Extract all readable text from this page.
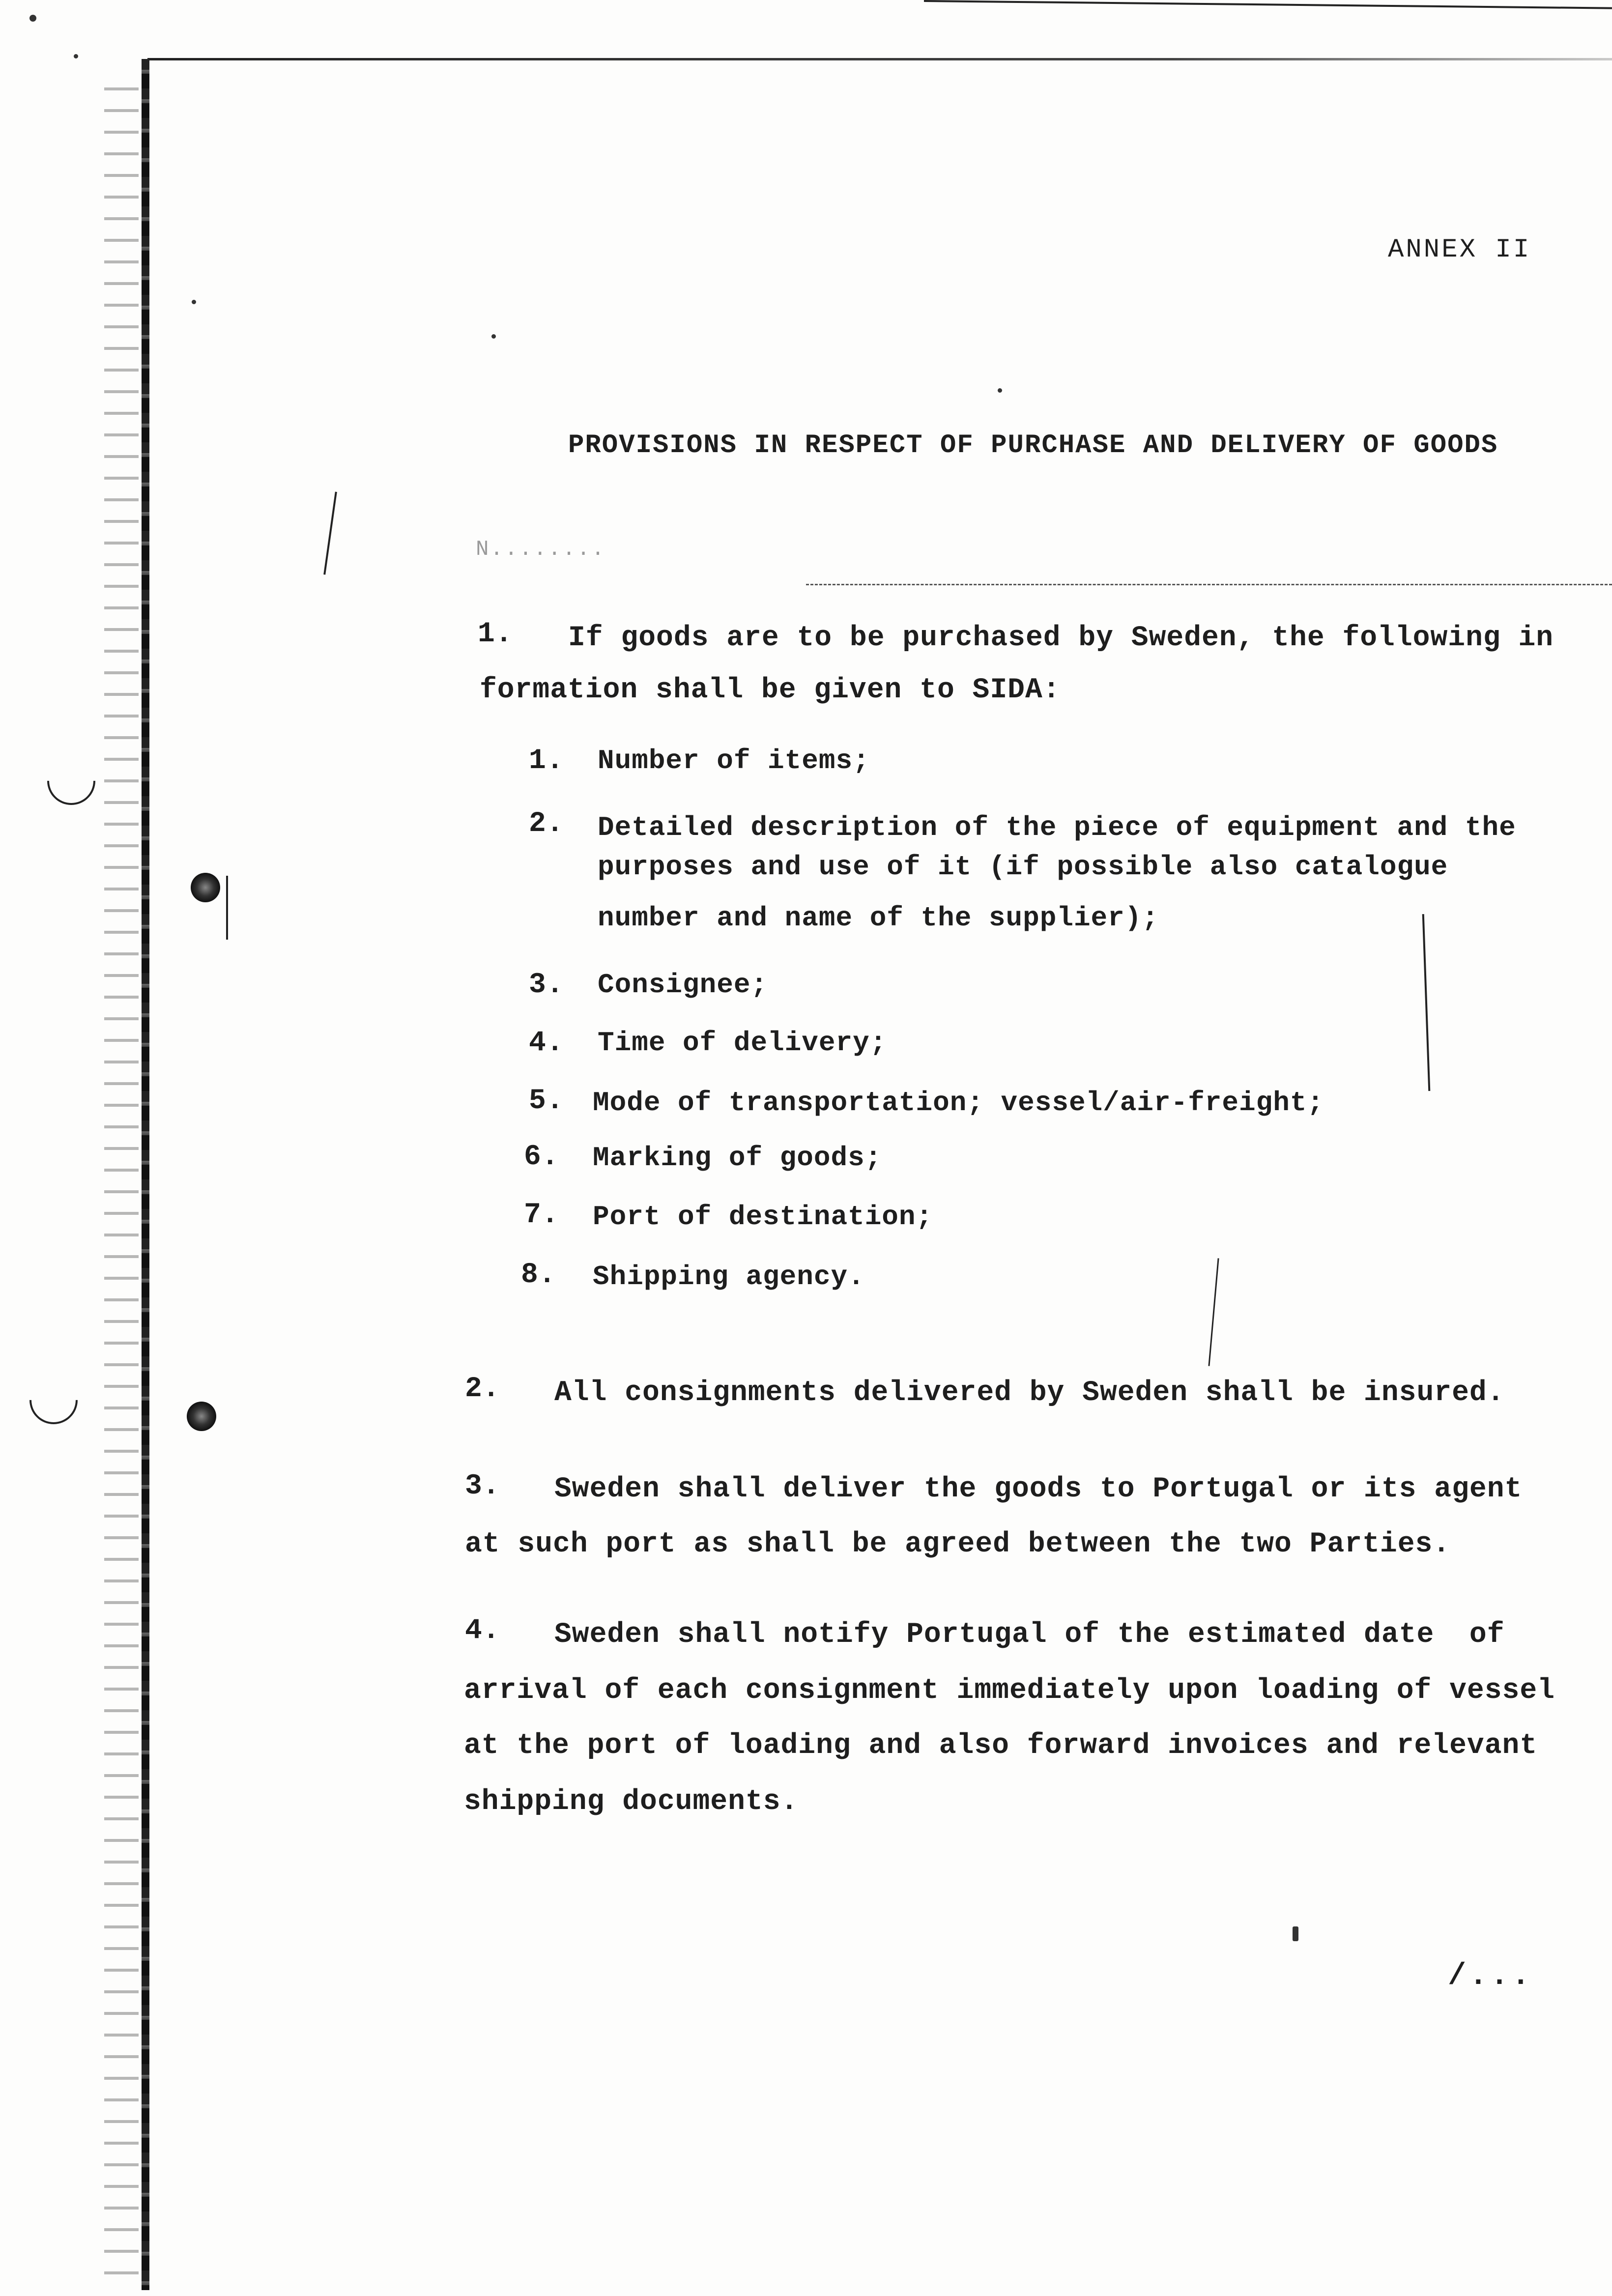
ANNEX II
PROVISIONS IN RESPECT OF PURCHASE AND DELIVERY OF GOODS
N........
1. If goods are to be purchased by Sweden, the following in
formation shall be given to SIDA:
1. Number of items;
2. Detailed description of the piece of equipment and the
purposes and use of it (if possible also catalogue
number and name of the supplier);
3. Consignee;
4. Time of delivery;
5. Mode of transportation; vessel/air-freight;
6. Marking of goods;
7. Port of destination;
8. Shipping agency.
2. All consignments delivered by Sweden shall be insured.
3. Sweden shall deliver the goods to Portugal or its agent
at such port as shall be agreed between the two Parties.
4. Sweden shall notify Portugal of the estimated date  of
arrival of each consignment immediately upon loading of vessel
at the port of loading and also forward invoices and relevant
shipping documents.
/...
